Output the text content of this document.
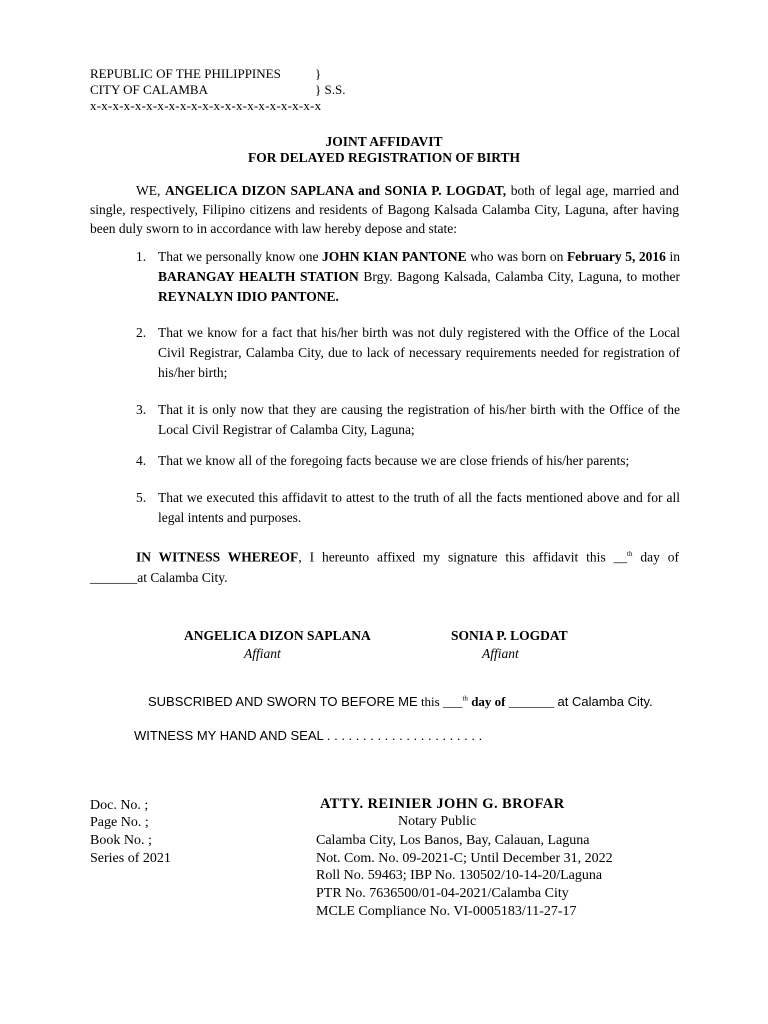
REPUBLIC OF THE PHILIPPINES	}
CITY OF CALAMBA	} S.S.
x-x-x-x-x-x-x-x-x-x-x-x-x-x-x-x-x-x-x-x-x
JOINT AFFIDAVIT
FOR DELAYED REGISTRATION OF BIRTH
WE, ANGELICA DIZON SAPLANA and SONIA P. LOGDAT, both of legal age, married and single, respectively, Filipino citizens and residents of Bagong Kalsada Calamba City, Laguna, after having been duly sworn to in accordance with law hereby depose and state:
1. That we personally know one JOHN KIAN PANTONE who was born on February 5, 2016 in BARANGAY HEALTH STATION Brgy. Bagong Kalsada, Calamba City, Laguna, to mother REYNALYN IDIO PANTONE.
2. That we know for a fact that his/her birth was not duly registered with the Office of the Local Civil Registrar, Calamba City, due to lack of necessary requirements needed for registration of his/her birth;
3. That it is only now that they are causing the registration of his/her birth with the Office of the Local Civil Registrar of Calamba City, Laguna;
4. That we know all of the foregoing facts because we are close friends of his/her parents;
5. That we executed this affidavit to attest to the truth of all the facts mentioned above and for all legal intents and purposes.
IN WITNESS WHEREOF, I hereunto affixed my signature this affidavit this __$^{th}$ day of _______at Calamba City.
ANGELICA DIZON SAPLANA
Affiant
SONIA P. LOGDAT
Affiant
SUBSCRIBED AND SWORN TO BEFORE ME this ___$^{th}$ day of _______ at Calamba City.
WITNESS MY HAND AND SEAL . . . . . . . . . . . . . . . . . . . . . .
Doc. No. ;
Page No. ;
Book No. ;
Series of 2021
ATTY. REINIER JOHN G. BROFAR
Notary Public
Calamba City, Los Banos, Bay, Calauan, Laguna
Not. Com. No. 09-2021-C; Until December 31, 2022
Roll No. 59463; IBP No. 130502/10-14-20/Laguna
PTR No. 7636500/01-04-2021/Calamba City
MCLE Compliance No. VI-0005183/11-27-17
